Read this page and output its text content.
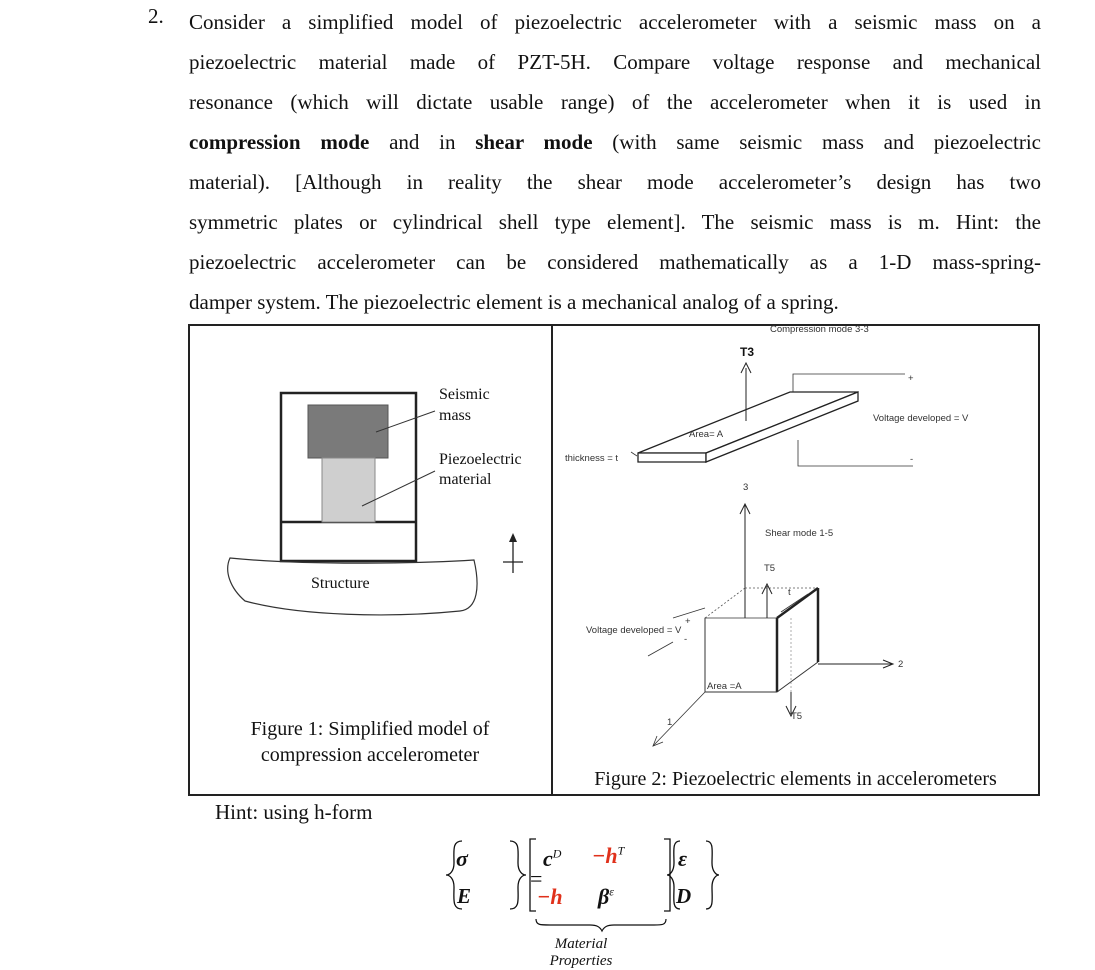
2. Consider a simplified model of piezoelectric accelerometer with a seismic mass on a
piezoelectric material made of PZT-5H. Compare voltage response and mechanical
resonance (which will dictate usable range) of the accelerometer when it is used in
compression mode and in shear mode (with same seismic mass and piezoelectric
material). [Although in reality the shear mode accelerometer’s design has two
symmetric plates or cylindrical shell type element]. The seismic mass is m. Hint: the
piezoelectric accelerometer can be considered mathematically as a 1-D mass-spring-
damper system. The piezoelectric element is a mechanical analog of a spring.
Seismic
mass
Piezoelectric
material
Structure
Figure 1: Simplified model of
compression accelerometer
Compression mode 3-3
T3
+
Voltage developed = V
-
Area= A
thickness = t
3
Shear mode 1-5
T5
t
+
Voltage developed = V
-
2
Area =A
T5
1
Figure 2: Piezoelectric elements in accelerometers
Hint: using h-form
σ
E
=
$c^D -h^T$
−h $\beta^\varepsilon$
ε
D
Material
Properties
